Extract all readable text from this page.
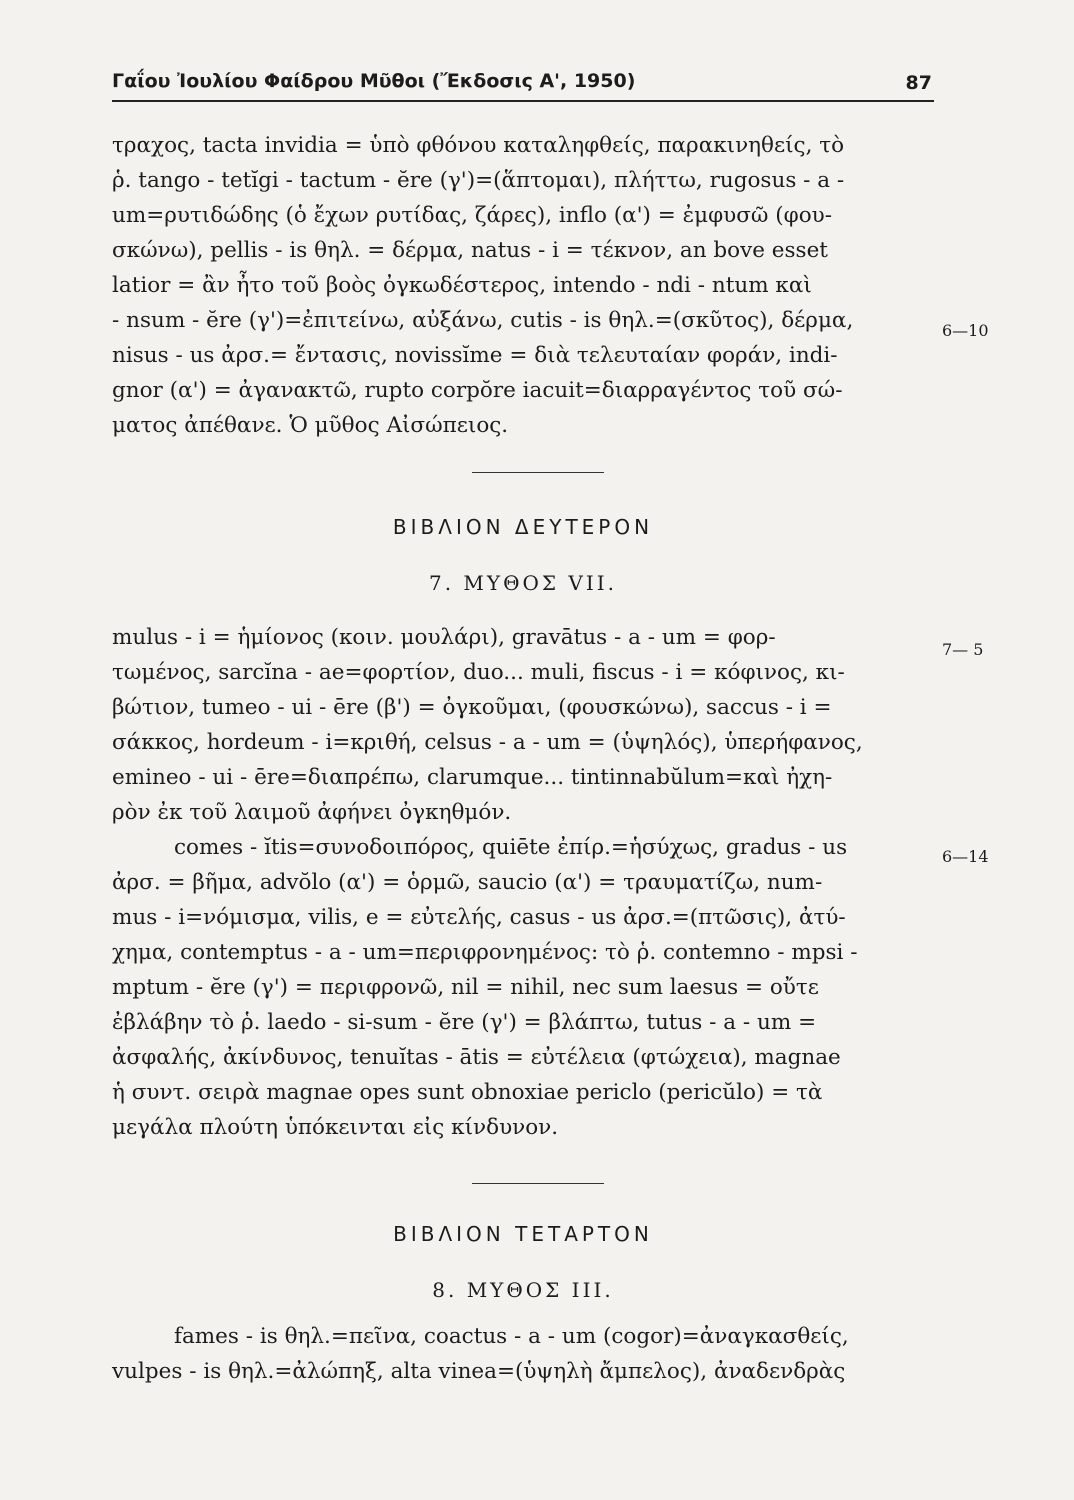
Γαΐου Ἰουλίου Φαίδρου Μῦθοι (Ἔκδοσις Α', 1950)	87
τραχος, tacta invidia = ὑπὸ φθόνου καταληφθείς, παρακινηθείς, τὸ
ῥ. tango - tetĭgi - tactum - ĕre (γ')=(ἅπτομαι), πλήττω, rugosus - a -
um=ρυτιδώδης (ὁ ἔχων ρυτίδας, ζάρες), inflo (α') = ἐμφυσῶ (φου-
σκώνω), pellis - is θηλ. = δέρμα, natus - i = τέκνον, an bove esset
latior = ἂν ἦτο τοῦ βοὸς ὀγκωδέστερος, intendo - ndi - ntum καὶ
- nsum - ĕre (γ')=ἐπιτείνω, αὐξάνω, cutis - is θηλ.=(σκῦτος), δέρμα,
nisus - us ἀρσ.= ἔντασις, novissĭme = διὰ τελευταίαν φοράν, indi-
gnor (α') = ἀγανακτῶ, rupto corpŏre iacuit=διαρραγέντος τοῦ σώ-
ματος ἀπέθανε. Ὁ μῦθος Αἰσώπειος.
6—10
ΒΙΒΛΙΟΝ ΔΕΥΤΕΡΟΝ
7. ΜΥΘΟΣ VII.
mulus - i = ἡμίονος (κοιν. μουλάρι), gravātus - a - um = φορ-
τωμένος, sarcĭna - ae=φορτίον, duo... muli, fiscus - i = κόφινος, κι-
βώτιον, tumeo - ui - ēre (β') = ὀγκοῦμαι, (φουσκώνω), saccus - i =
σάκκος, hordeum - i=κριθή, celsus - a - um = (ὑψηλός), ὑπερήφανος,
emineo - ui - ēre=διαπρέπω, clarumque... tintinnabŭlum=καὶ ἠχη-
ρὸν ἐκ τοῦ λαιμοῦ ἀφήνει ὀγκηθμόν.
comes - ĭtis=συνοδοιπόρος, quiēte ἐπίρ.=ἡσύχως, gradus - us
ἀρσ. = βῆμα, advŏlo (α') = ὁρμῶ, saucio (α') = τραυματίζω, num-
mus - i=νόμισμα, vilis, e = εὐτελής, casus - us ἀρσ.=(πτῶσις), ἀτύ-
χημα, contemptus - a - um=περιφρονημένος: τὸ ῥ. contemno - mpsi -
mptum - ĕre (γ') = περιφρονῶ, nil = nihil, nec sum laesus = οὔτε
ἐβλάβην τὸ ῥ. laedo - si-sum - ĕre (γ') = βλάπτω, tutus - a - um =
ἀσφαλής, ἀκίνδυνος, tenuĭtas - ātis = εὐτέλεια (φτώχεια), magnae
ἡ συντ. σειρὰ magnae opes sunt obnoxiae periclo (pericŭlo) = τὰ
μεγάλα πλούτη ὑπόκεινται εἰς κίνδυνον.
7— 5
6—14
ΒΙΒΛΙΟΝ ΤΕΤΑΡΤΟΝ
8. ΜΥΘΟΣ III.
fames - is θηλ.=πεῖνα, coactus - a - um (cogor)=ἀναγκασθείς,
vulpes - is θηλ.=ἀλώπηξ, alta vinea=(ὑψηλὴ ἄμπελος), ἀναδενδρὰς
